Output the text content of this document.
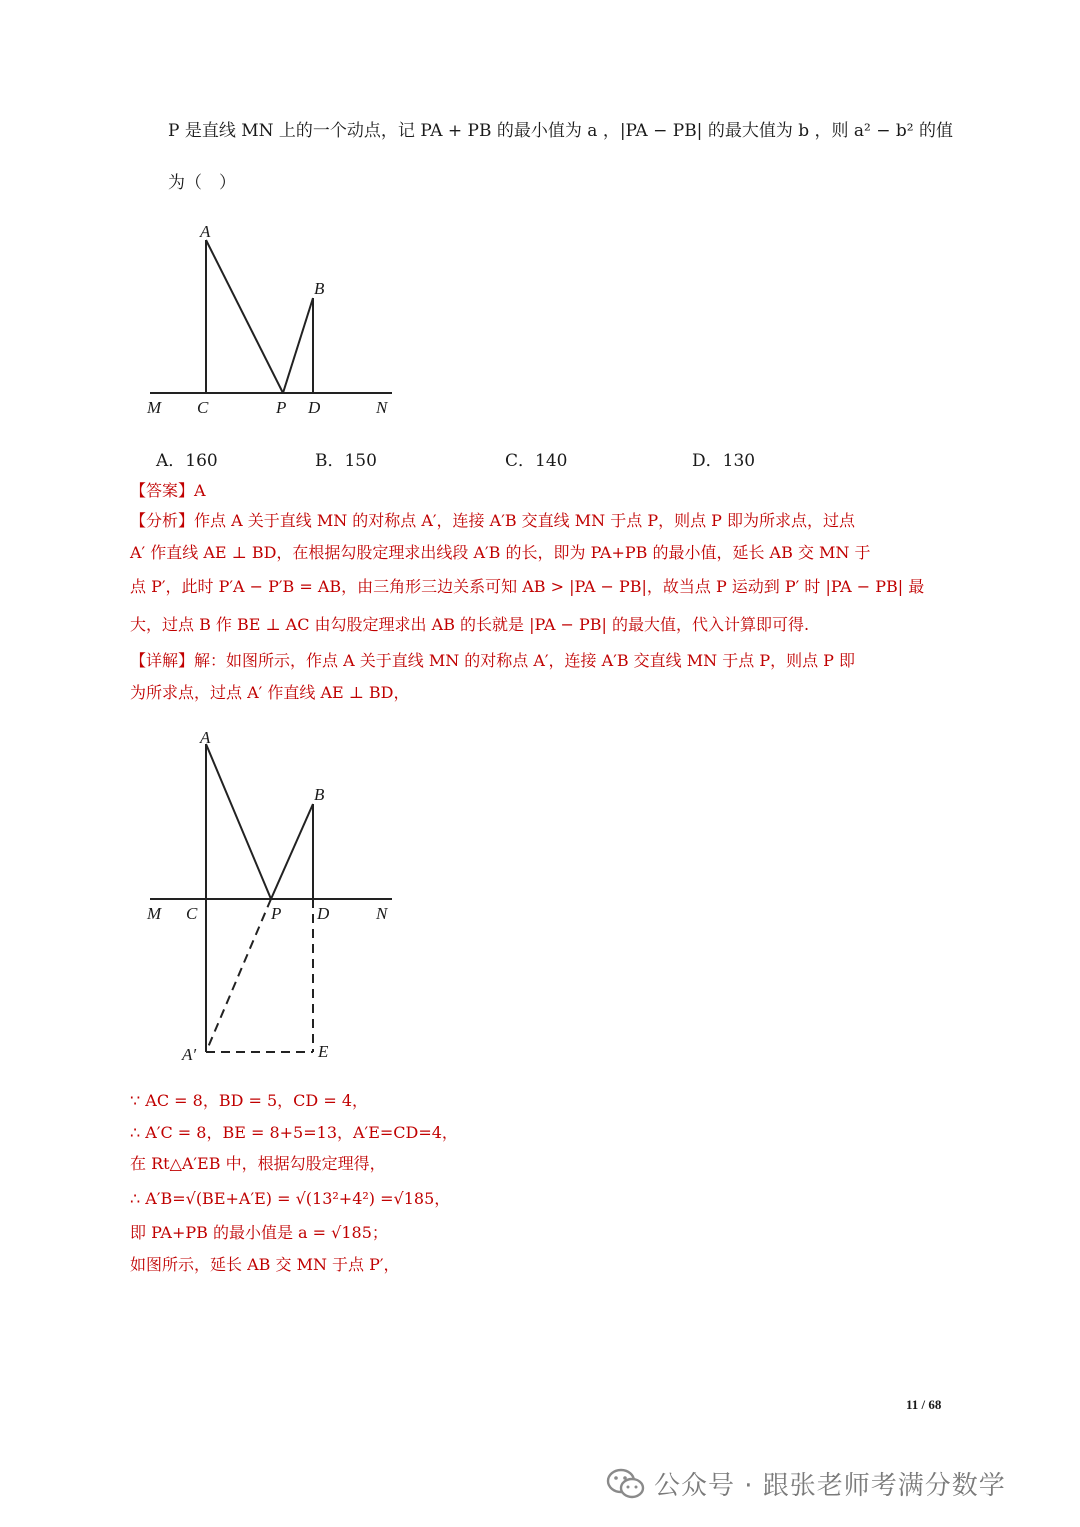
P 是直线 MN 上的一个动点，记 PA + PB 的最小值为 a ，|PA − PB| 的最大值为 b ，则 a² − b² 的值
为（　）
A
B
M C	P D	N
A．160	B．150	C．140	D．130
【答案】A
【分析】作点 A 关于直线 MN 的对称点 A′，连接 A′B 交直线 MN 于点 P，则点 P 即为所求点，过点
A′ 作直线 AE ⊥ BD，在根据勾股定理求出线段 A′B 的长，即为 PA+PB 的最小值，延长 AB 交 MN 于
点 P′，此时 P′A − P′B = AB，由三角形三边关系可知 AB > |PA − PB|，故当点 P 运动到 P′ 时 |PA − PB| 最
大，过点 B 作 BE ⊥ AC 由勾股定理求出 AB 的长就是 |PA − PB| 的最大值，代入计算即可得.
【详解】解：如图所示，作点 A 关于直线 MN 的对称点 A′，连接 A′B 交直线 MN 于点 P，则点 P 即
为所求点，过点 A′ 作直线 AE ⊥ BD，
A
B
M C	P D	N
A′	E
∵ AC = 8，BD = 5，CD = 4，
∴ A′C = 8，BE = 8+5=13，A′E=CD=4，
在 Rt△A′EB 中，根据勾股定理得，
∴ A′B=√(BE+A′E) = √(13²+4²) =√185，
即 PA+PB 的最小值是 a = √185；
如图所示，延长 AB 交 MN 于点 P′，
11 / 68
公众号 · 跟张老师考满分数学
